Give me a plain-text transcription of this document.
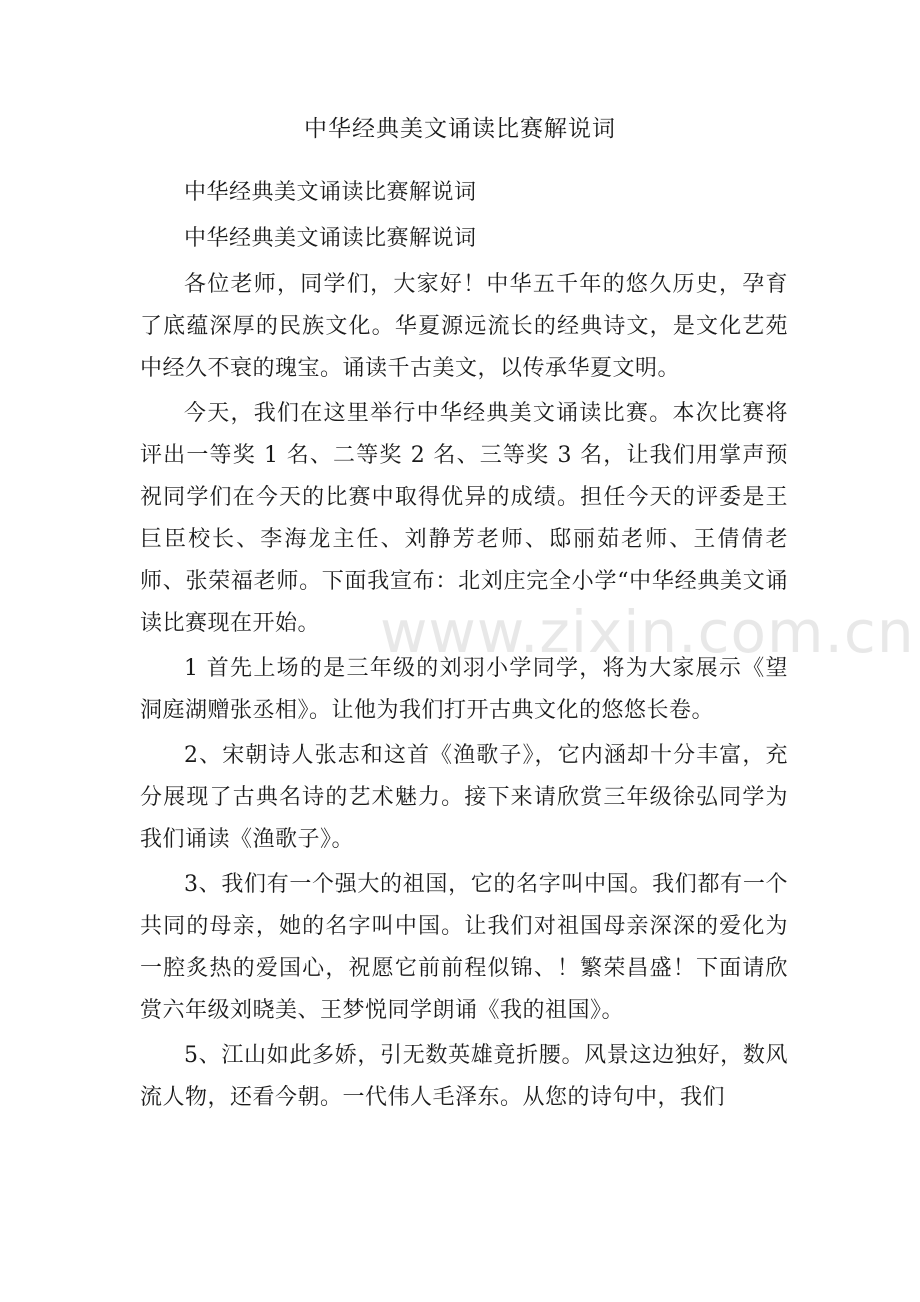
中华经典美文诵读比赛解说词

中华经典美文诵读比赛解说词

中华经典美文诵读比赛解说词

各位老师，同学们，大家好！中华五千年的悠久历史，孕育了底蕴深厚的民族文化。华夏源远流长的经典诗文，是文化艺苑中经久不衰的瑰宝。诵读千古美文，以传承华夏文明。

今天，我们在这里举行中华经典美文诵读比赛。本次比赛将评出一等奖 1 名、二等奖 2 名、三等奖 3 名，让我们用掌声预祝同学们在今天的比赛中取得优异的成绩。担任今天的评委是王巨臣校长、李海龙主任、刘静芳老师、邸丽茹老师、王倩倩老师、张荣福老师。下面我宣布：北刘庄完全小学“中华经典美文诵读比赛现在开始。

1 首先上场的是三年级的刘羽小学同学，将为大家展示《望洞庭湖赠张丞相》。让他为我们打开古典文化的悠悠长卷。

2、宋朝诗人张志和这首《渔歌子》，它内涵却十分丰富，充分展现了古典名诗的艺术魅力。接下来请欣赏三年级徐弘同学为我们诵读《渔歌子》。

3、我们有一个强大的祖国，它的名字叫中国。我们都有一个共同的母亲，她的名字叫中国。让我们对祖国母亲深深的爱化为一腔炙热的爱国心，祝愿它前前程似锦、！繁荣昌盛！下面请欣赏六年级刘晓美、王梦悦同学朗诵《我的祖国》。

5、江山如此多娇，引无数英雄竟折腰。风景这边独好，数风流人物，还看今朝。一代伟人毛泽东。从您的诗句中，我们

www.zixin.com.cn
